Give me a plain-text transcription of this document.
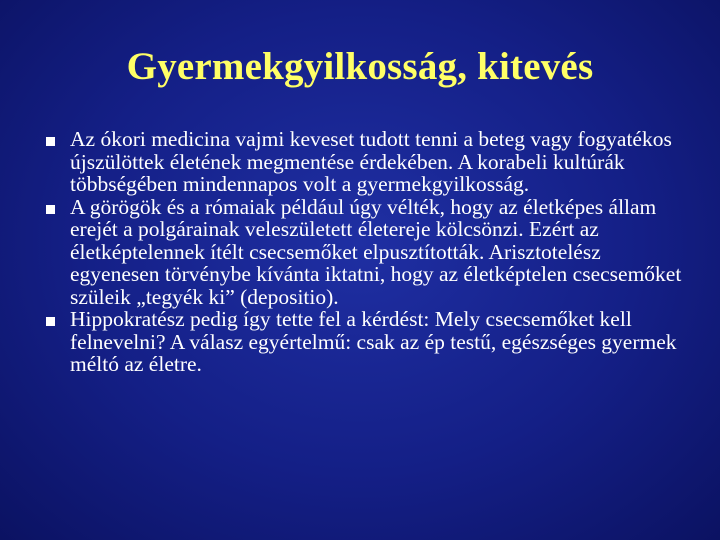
Gyermekgyilkosság, kitevés
Az ókori medicina vajmi keveset tudott tenni a beteg vagy fogyatékos újszülöttek életének megmentése érdekében. A korabeli kultúrák többségében mindennapos volt a gyermekgyilkosság.
A görögök és a rómaiak például úgy vélték, hogy az életképes állam erejét a polgárainak veleszületett életereje kölcsönzi. Ezért az életképtelennek ítélt csecsemőket elpusztították. Arisztotelész egyenesen törvénybe kívánta iktatni, hogy az életképtelen csecsemőket szüleik „tegyék ki” (depositio).
Hippokratész pedig így tette fel a kérdést: Mely csecsemőket kell felnevelni? A válasz egyértelmű: csak az ép testű, egészséges gyermek méltó az életre.
